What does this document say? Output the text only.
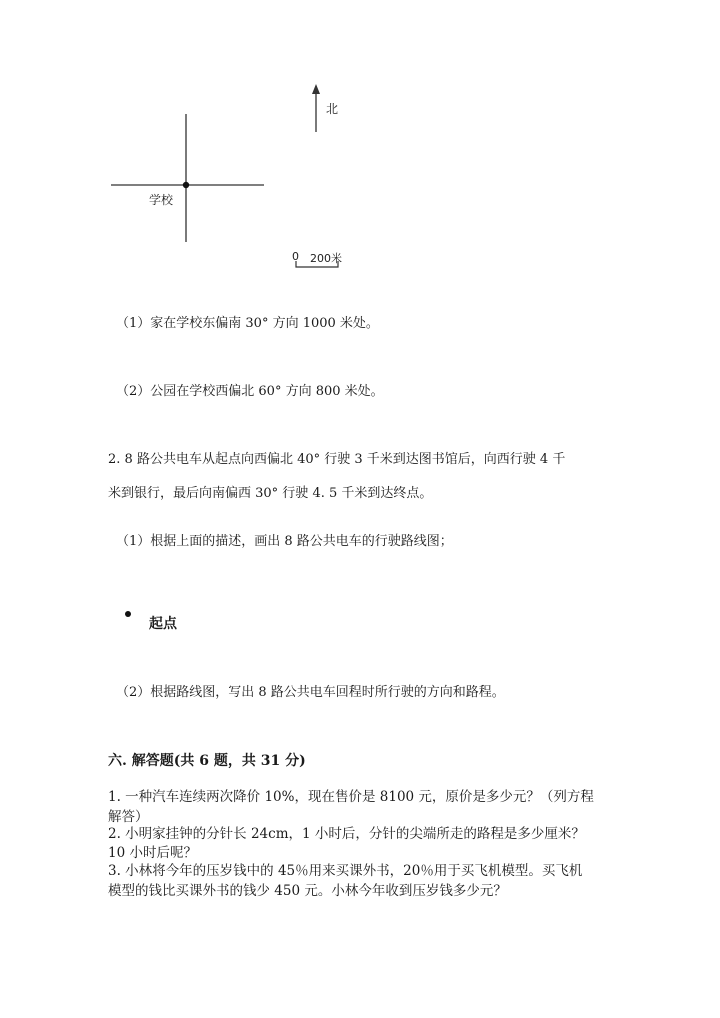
北
学校
0 200米
（1）家在学校东偏南 30° 方向 1000 米处。
（2）公园在学校西偏北 60° 方向 800 米处。
2. 8 路公共电车从起点向西偏北 40° 行驶 3 千米到达图书馆后，向西行驶 4 千
米到银行，最后向南偏西 30° 行驶 4. 5 千米到达终点。
（1）根据上面的描述，画出 8 路公共电车的行驶路线图；
起点
（2）根据路线图，写出 8 路公共电车回程时所行驶的方向和路程。
六. 解答题(共 6 题，共 31 分)
1. 一种汽车连续两次降价 10%，现在售价是 8100 元，原价是多少元？（列方程
解答）
2. 小明家挂钟的分针长 24cm，1 小时后，分针的尖端所走的路程是多少厘米？
10 小时后呢？
3. 小林将今年的压岁钱中的 45％用来买课外书，20％用于买飞机模型。买飞机
模型的钱比买课外书的钱少 450 元。小林今年收到压岁钱多少元？
